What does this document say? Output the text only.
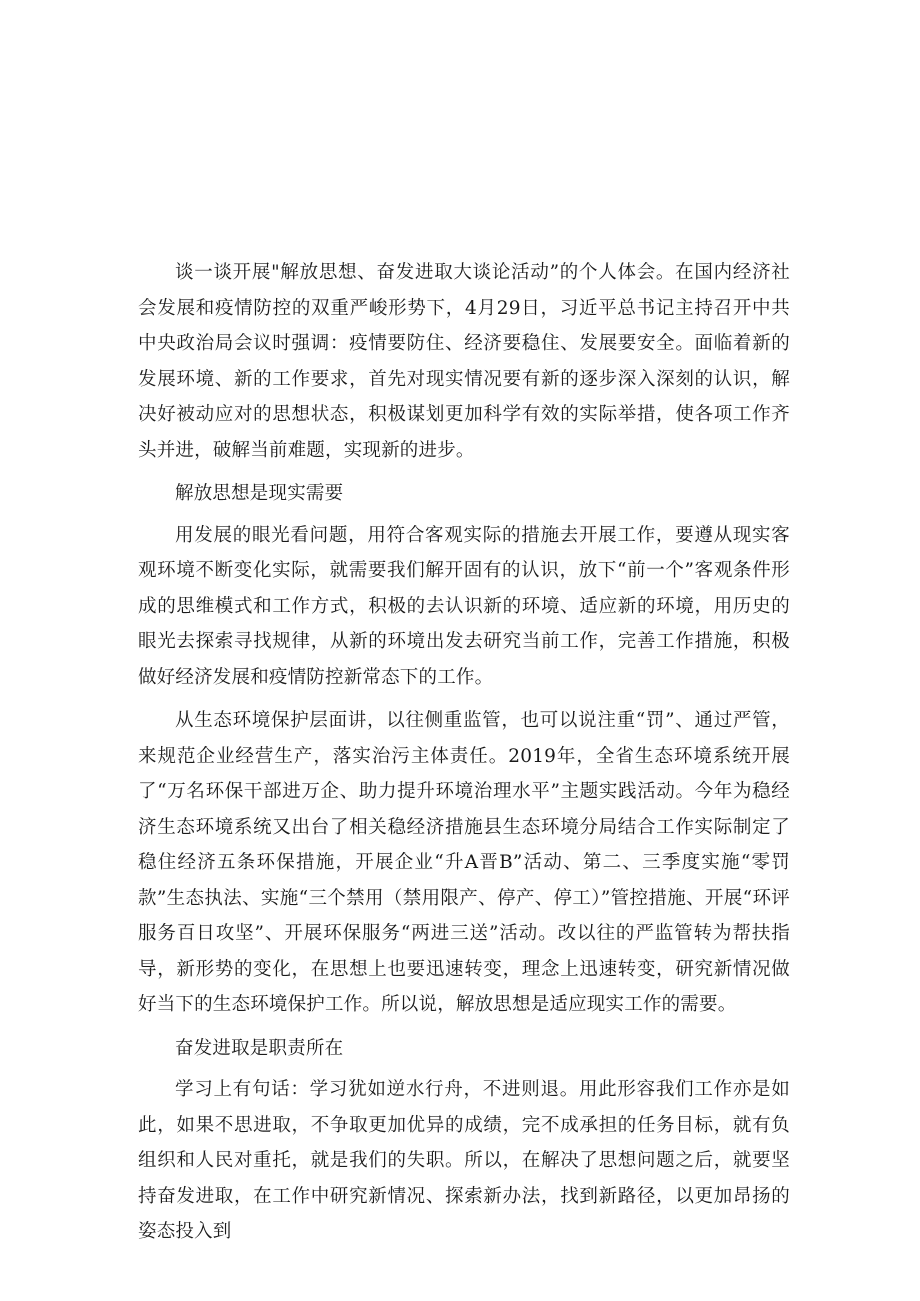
谈一谈开展"解放思想、奋发进取大谈论活动”的个人体会。在国内经济社会发展和疫情防控的双重严峻形势下，4月29日，习近平总书记主持召开中共中央政治局会议时强调：疫情要防住、经济要稳住、发展要安全。面临着新的发展环境、新的工作要求，首先对现实情况要有新的逐步深入深刻的认识，解决好被动应对的思想状态，积极谋划更加科学有效的实际举措，使各项工作齐头并进，破解当前难题，实现新的进步。

解放思想是现实需要

用发展的眼光看问题，用符合客观实际的措施去开展工作，要遵从现实客观环境不断变化实际，就需要我们解开固有的认识，放下“前一个”客观条件形成的思维模式和工作方式，积极的去认识新的环境、适应新的环境，用历史的眼光去探索寻找规律，从新的环境出发去研究当前工作，完善工作措施，积极做好经济发展和疫情防控新常态下的工作。

从生态环境保护层面讲，以往侧重监管，也可以说注重“罚”、通过严管，来规范企业经营生产，落实治污主体责任。2019年，全省生态环境系统开展了“万名环保干部进万企、助力提升环境治理水平”主题实践活动。今年为稳经济生态环境系统又出台了相关稳经济措施县生态环境分局结合工作实际制定了稳住经济五条环保措施，开展企业“升A晋B”活动、第二、三季度实施“零罚款”生态执法、实施“三个禁用（禁用限产、停产、停工）”管控措施、开展“环评服务百日攻坚”、开展环保服务“两进三送”活动。改以往的严监管转为帮扶指导，新形势的变化，在思想上也要迅速转变，理念上迅速转变，研究新情况做好当下的生态环境保护工作。所以说，解放思想是适应现实工作的需要。

奋发进取是职责所在

学习上有句话：学习犹如逆水行舟，不进则退。用此形容我们工作亦是如此，如果不思进取，不争取更加优异的成绩，完不成承担的任务目标，就有负组织和人民对重托，就是我们的失职。所以，在解决了思想问题之后，就要坚持奋发进取，在工作中研究新情况、探索新办法，找到新路径，以更加昂扬的姿态投入到
